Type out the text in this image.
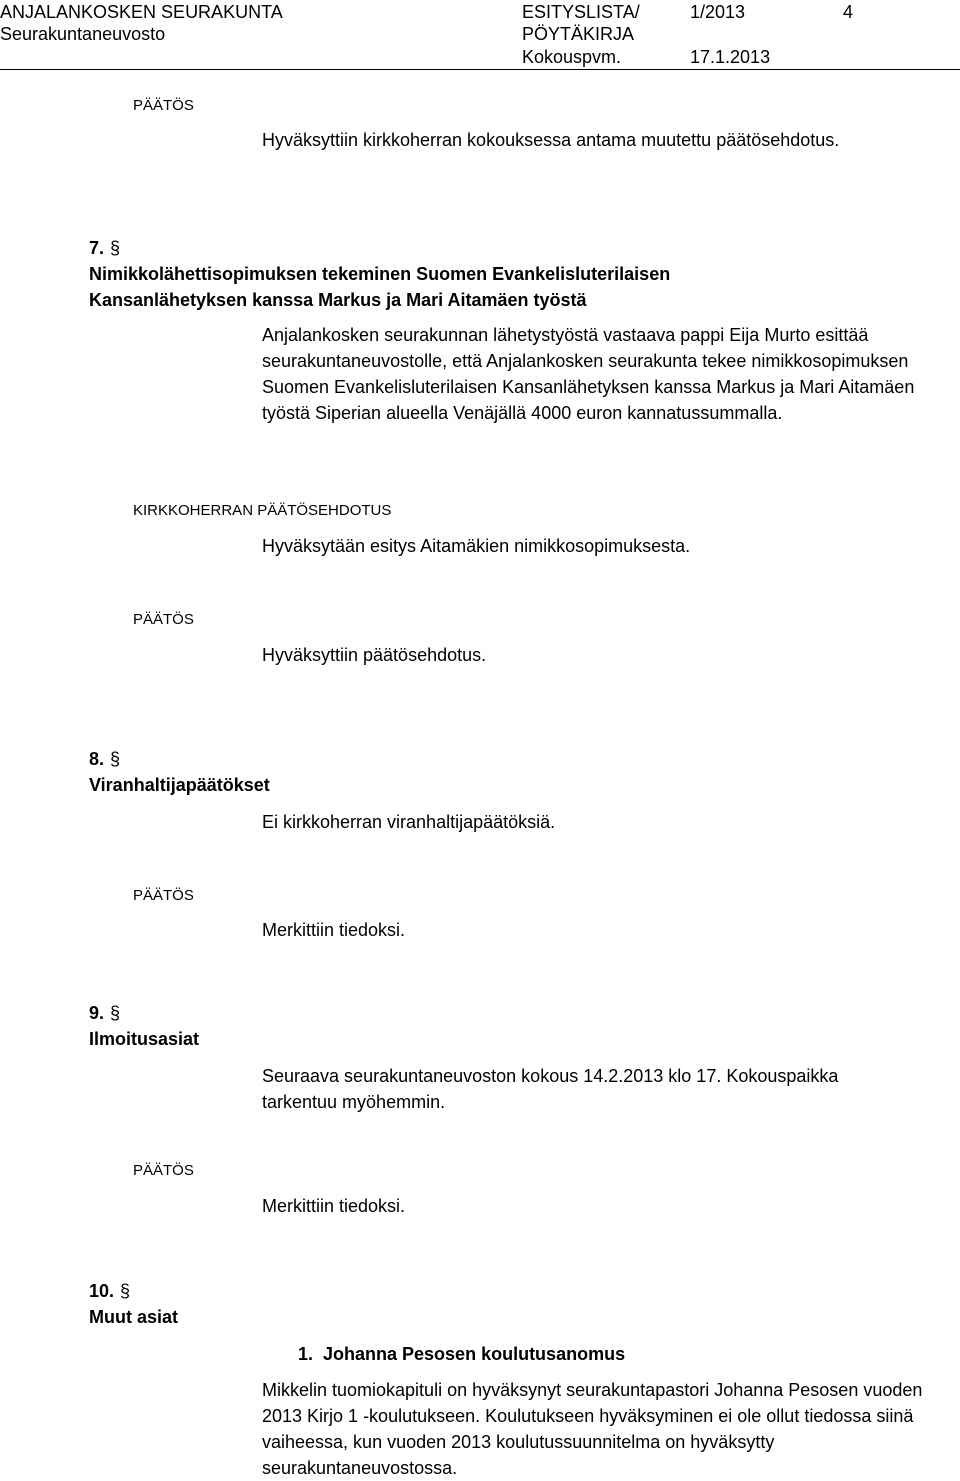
ANJALANKOSKEN SEURAKUNTA
Seurakuntaneuvosto
ESITYSLISTA/
PÖYTÄKIRJA
1/2013	4
Kokouspvm.	17.1.2013
PÄÄTÖS
Hyväksyttiin kirkkoherran kokouksessa antama muutettu päätösehdotus.
7. §
Nimikkolähettisopimuksen tekeminen Suomen Evankelisluterilaisen
Kansanlähetyksen kanssa Markus ja Mari Aitamäen työstä
Anjalankosken seurakunnan lähetystyöstä vastaava pappi Eija Murto esittää seurakuntaneuvostolle, että Anjalankosken seurakunta tekee nimikkosopimuksen Suomen Evankelisluterilaisen Kansanlähetyksen kanssa Markus ja Mari Aitamäen työstä Siperian alueella Venäjällä 4000 euron kannatussummalla.
KIRKKOHERRAN PÄÄTÖSEHDOTUS
Hyväksytään esitys Aitamäkien nimikkosopimuksesta.
PÄÄTÖS
Hyväksyttiin päätösehdotus.
8. §
Viranhaltijapäätökset
Ei kirkkoherran viranhaltijapäätöksiä.
PÄÄTÖS
Merkittiin tiedoksi.
9. §
Ilmoitusasiat
Seuraava seurakuntaneuvoston kokous 14.2.2013 klo 17. Kokouspaikka tarkentuu myöhemmin.
PÄÄTÖS
Merkittiin tiedoksi.
10. §
Muut asiat
1.  Johanna Pesosen koulutusanomus
Mikkelin tuomiokapituli on hyväksynyt seurakuntapastori Johanna Pesosen vuoden 2013 Kirjo 1 -koulutukseen. Koulutukseen hyväksyminen ei ole ollut tiedossa siinä vaiheessa, kun vuoden 2013 koulutussuunnitelma on hyväksytty seurakuntaneuvostossa.
